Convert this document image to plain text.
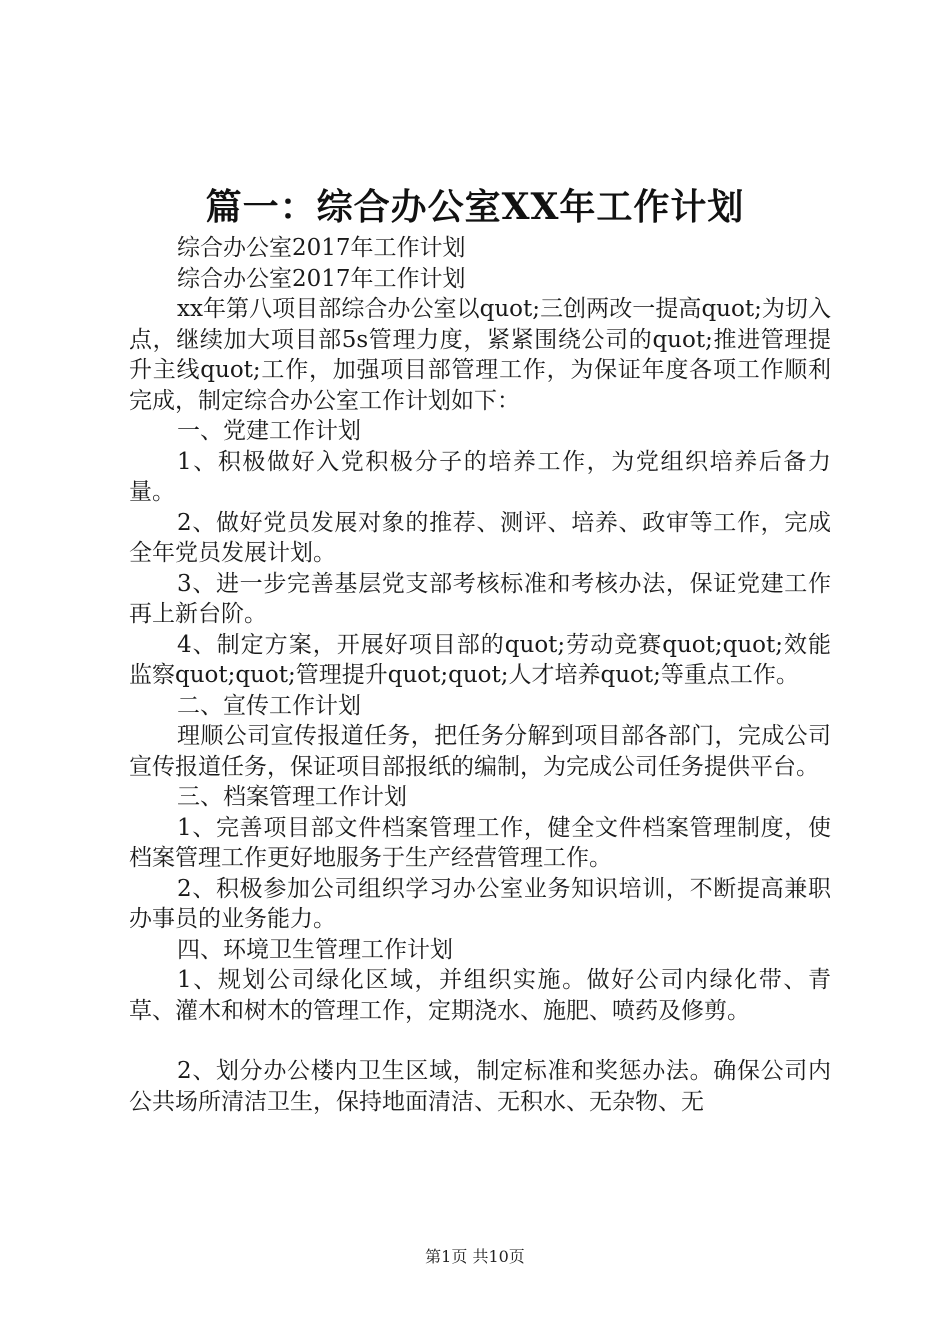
篇一：综合办公室XX年工作计划

综合办公室2017年工作计划

综合办公室2017年工作计划

xx年第八项目部综合办公室以quot;三创两改一提高quot;为切入点，继续加大项目部5s管理力度，紧紧围绕公司的quot;推进管理提升主线quot;工作，加强项目部管理工作，为保证年度各项工作顺利完成，制定综合办公室工作计划如下：

一、党建工作计划

1、积极做好入党积极分子的培养工作，为党组织培养后备力量。

2、做好党员发展对象的推荐、测评、培养、政审等工作，完成全年党员发展计划。

3、进一步完善基层党支部考核标准和考核办法，保证党建工作再上新台阶。

4、制定方案，开展好项目部的quot;劳动竞赛quot;quot;效能监察quot;quot;管理提升quot;quot;人才培养quot;等重点工作。

二、宣传工作计划

理顺公司宣传报道任务，把任务分解到项目部各部门，完成公司宣传报道任务，保证项目部报纸的编制，为完成公司任务提供平台。

三、档案管理工作计划

1、完善项目部文件档案管理工作，健全文件档案管理制度，使档案管理工作更好地服务于生产经营管理工作。

2、积极参加公司组织学习办公室业务知识培训，不断提高兼职办事员的业务能力。

四、环境卫生管理工作计划

1、规划公司绿化区域，并组织实施。做好公司内绿化带、青草、灌木和树木的管理工作，定期浇水、施肥、喷药及修剪。

2、划分办公楼内卫生区域，制定标准和奖惩办法。确保公司内公共场所清洁卫生，保持地面清洁、无积水、无杂物、无

第1页 共10页
